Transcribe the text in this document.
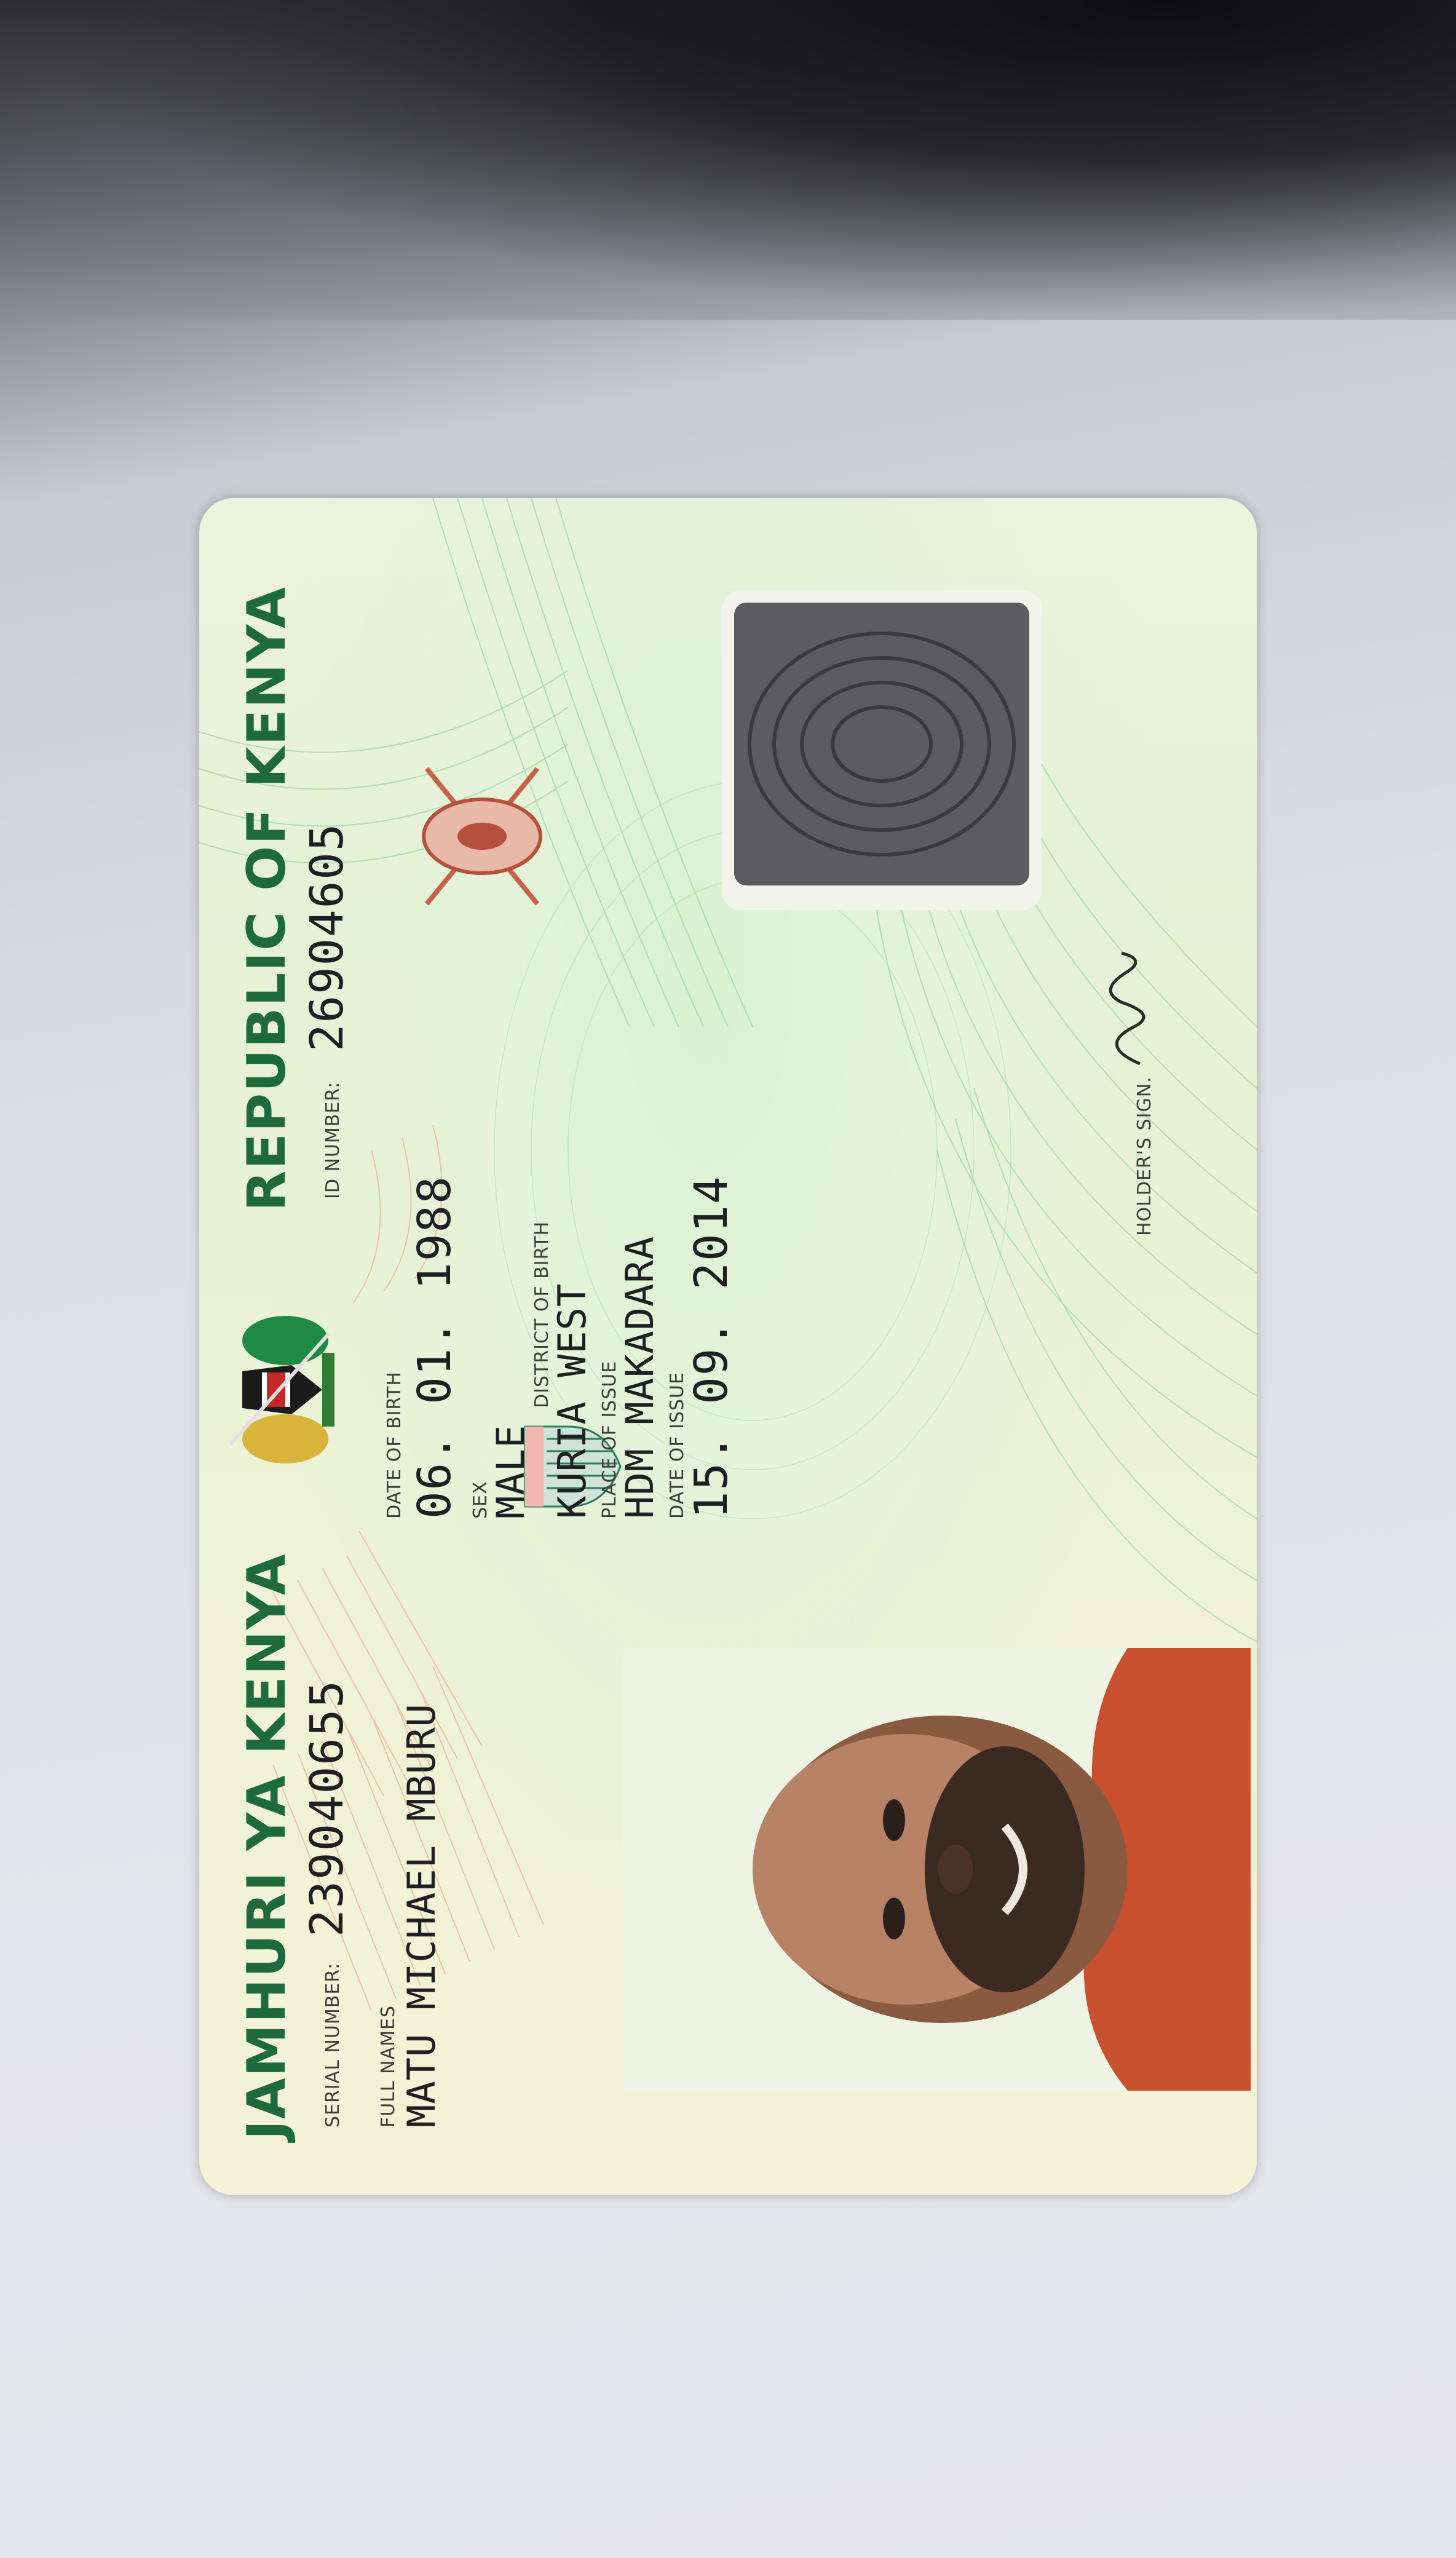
JAMHURI YA KENYA
REPUBLIC OF KENYA
SERIAL NUMBER:
239040655
ID NUMBER:
26904605
FULL NAMES MATU MICHAEL MBURU
DATE OF BIRTH 06. 01. 1988 SEX
MALE
DISTRICT OF BIRTH
KURIA WEST PLACE OF ISSUE
HDM MAKADARA DATE OF ISSUE
15. 09. 2014
HOLDER'S SIGN.
